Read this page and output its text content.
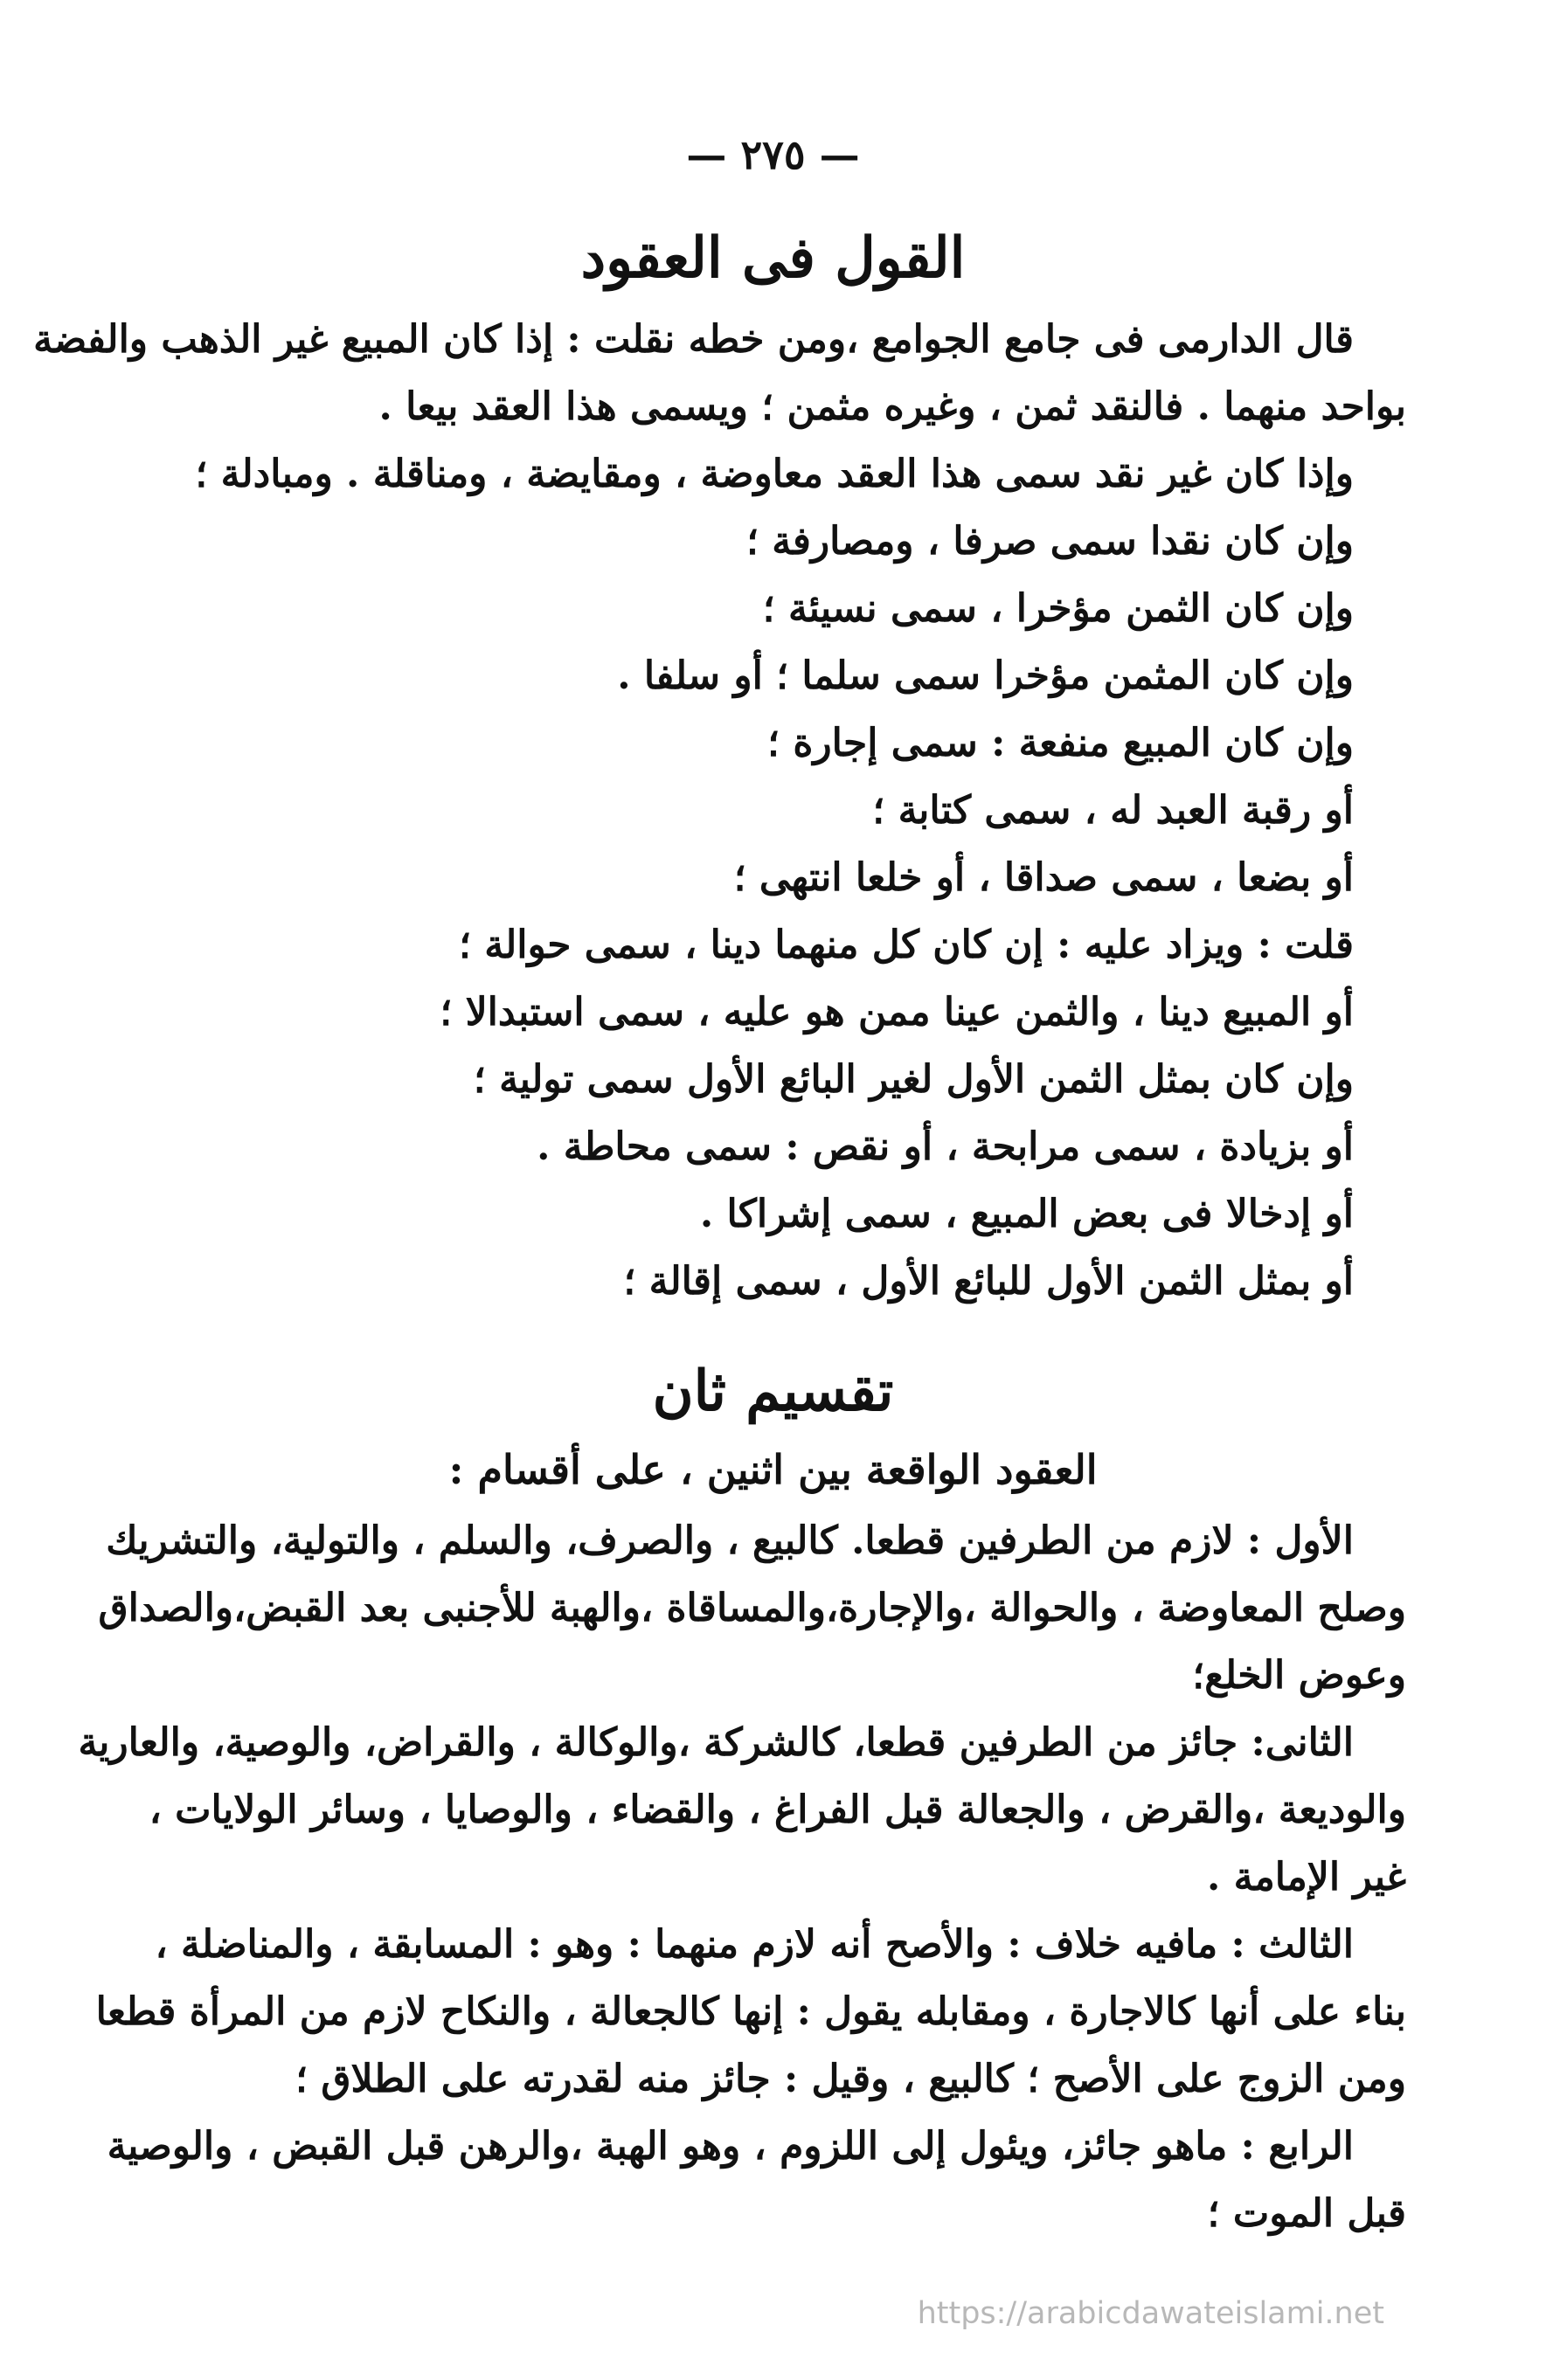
— ٢٧٥ —
القول فى العقود
قال الدارمى فى جامع الجوامع ،ومن خطه نقلت : إذا كان المبيع غير الذهب والفضة
بواحد منهما . فالنقد ثمن ، وغيره مثمن ؛ ويسمى هذا العقد بيعا .
وإذا كان غير نقد سمى هذا العقد معاوضة ، ومقايضة ، ومناقلة . ومبادلة ؛
وإن كان نقدا سمى صرفا ، ومصارفة ؛
وإن كان الثمن مؤخرا ، سمى نسيئة ؛
وإن كان المثمن مؤخرا سمى سلما ؛ أو سلفا .
وإن كان المبيع منفعة : سمى إجارة ؛
أو رقبة العبد له ، سمى كتابة ؛
أو بضعا ، سمى صداقا ، أو خلعا انتهى ؛
قلت : ويزاد عليه : إن كان كل منهما دينا ، سمى حوالة ؛
أو المبيع دينا ، والثمن عينا ممن هو عليه ، سمى استبدالا ؛
وإن كان بمثل الثمن الأول لغير البائع الأول سمى تولية ؛
أو بزيادة ، سمى مرابحة ، أو نقص : سمى محاطة .
أو إدخالا فى بعض المبيع ، سمى إشراكا .
أو بمثل الثمن الأول للبائع الأول ، سمى إقالة ؛
تقسيم ثان
العقود الواقعة بين اثنين ، على أقسام :
الأول : لازم من الطرفين قطعا. كالبيع ، والصرف، والسلم ، والتولية، والتشريك
وصلح المعاوضة ، والحوالة ،والإجارة،والمساقاة ،والهبة للأجنبى بعد القبض،والصداق
وعوض الخلع؛
الثانى: جائز من الطرفين قطعا، كالشركة ،والوكالة ، والقراض، والوصية، والعارية
والوديعة ،والقرض ، والجعالة قبل الفراغ ، والقضاء ، والوصايا ، وسائر الولايات ،
غير الإمامة .
الثالث : مافيه خلاف : والأصح أنه لازم منهما : وهو : المسابقة ، والمناضلة ،
بناء على أنها كالاجارة ، ومقابله يقول : إنها كالجعالة ، والنكاح لازم من المرأة قطعا
ومن الزوج على الأصح ؛ كالبيع ، وقيل : جائز منه لقدرته على الطلاق ؛
الرابع : ماهو جائز، ويئول إلى اللزوم ، وهو الهبة ،والرهن قبل القبض ، والوصية
قبل الموت ؛
https://arabicdawateislami.net
